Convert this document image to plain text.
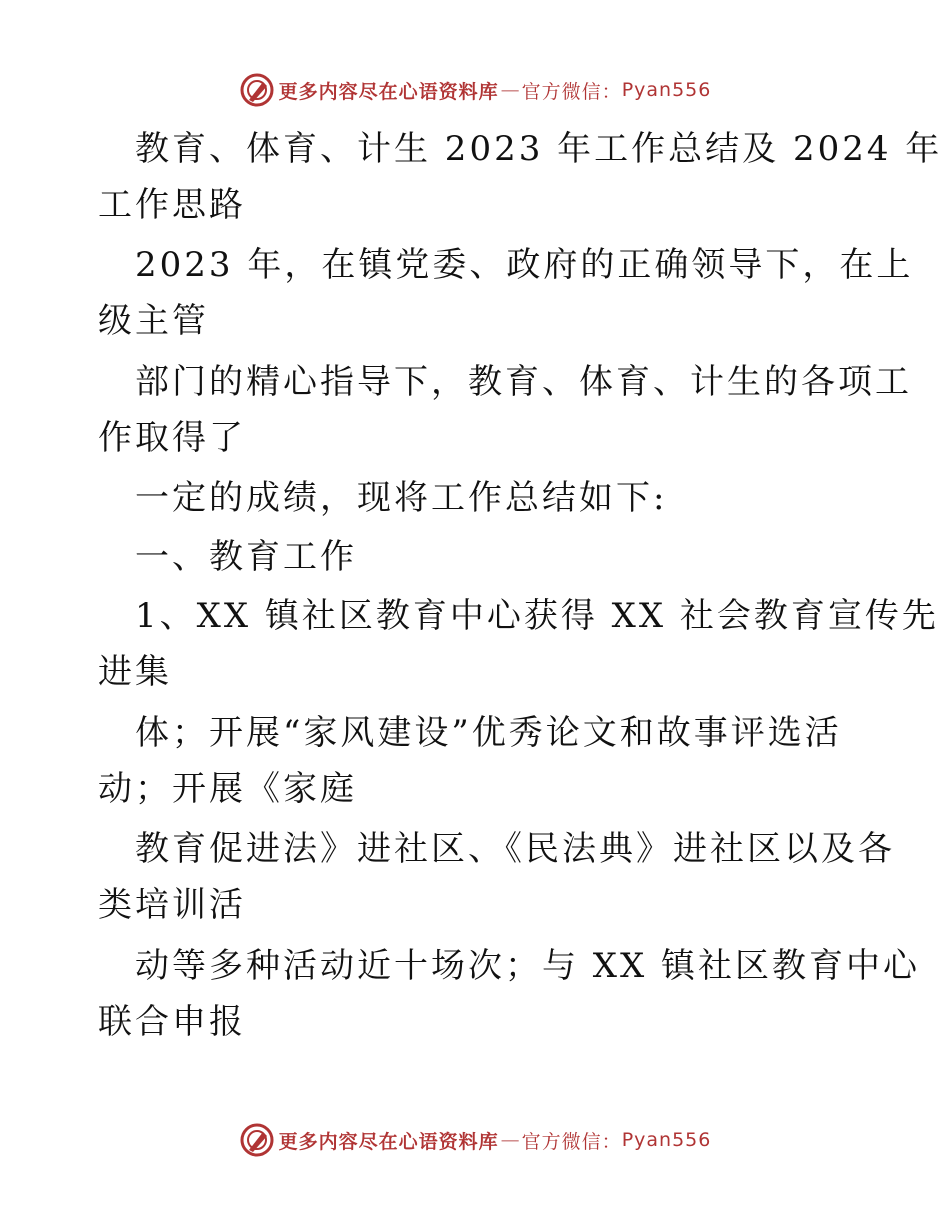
更多内容尽在心语资料库 — 官方微信： Pyan556
教育、体育、计生 2023 年工作总结及 2024 年
工作思路
2023 年，在镇党委、政府的正确领导下，在上
级主管
部门的精心指导下，教育、体育、计生的各项工
作取得了
一定的成绩，现将工作总结如下:
一、教育工作
1、XX 镇社区教育中心获得 XX 社会教育宣传先
进集
体；开展“家风建设”优秀论文和故事评选活
动；开展《家庭
教育促进法》进社区、《民法典》进社区以及各
类培训活
动等多种活动近十场次；与 XX 镇社区教育中心
联合申报
更多内容尽在心语资料库 — 官方微信： Pyan556
